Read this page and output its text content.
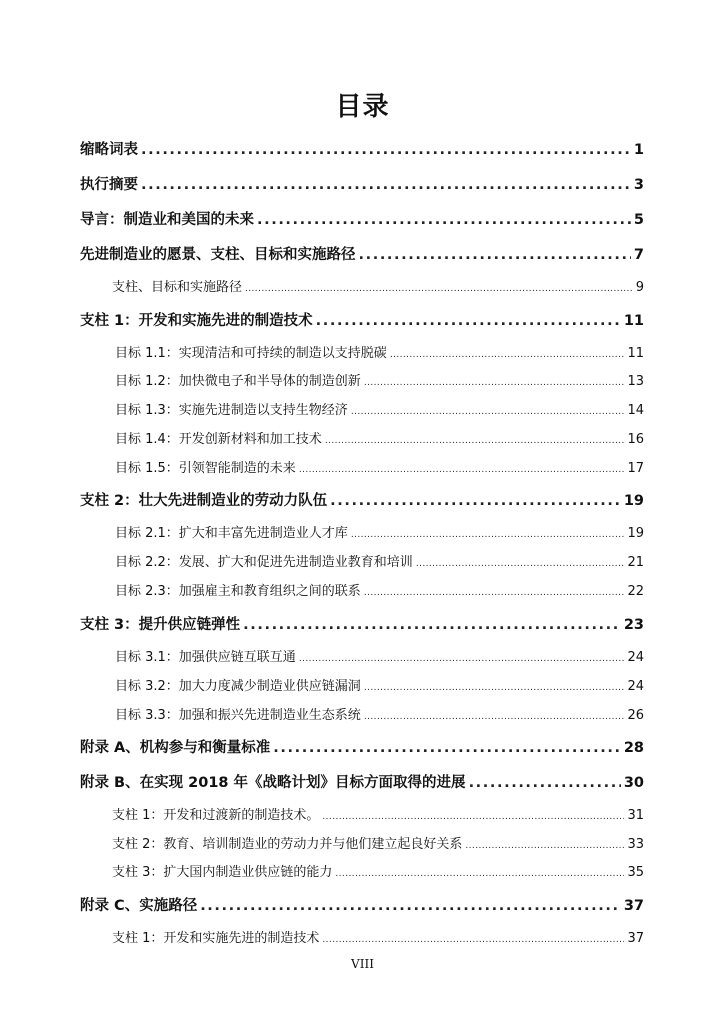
目录
缩略词表 .....	1
执行摘要 .....	3
导言：制造业和美国的未来 .....	5
先进制造业的愿景、支柱、目标和实施路径 .....	7
支柱、目标和实施路径 .....	9
支柱 1：开发和实施先进的制造技术 .....	11
目标 1.1：实现清洁和可持续的制造以支持脱碳 .....	11
目标 1.2：加快微电子和半导体的制造创新 .....	13
目标 1.3：实施先进制造以支持生物经济 .....	14
目标 1.4：开发创新材料和加工技术 .....	16
目标 1.5：引领智能制造的未来 .....	17
支柱 2：壮大先进制造业的劳动力队伍 .....	19
目标 2.1：扩大和丰富先进制造业人才库 .....	19
目标 2.2：发展、扩大和促进先进制造业教育和培训 .....	21
目标 2.3：加强雇主和教育组织之间的联系 .....	22
支柱 3：提升供应链弹性 .....	23
目标 3.1：加强供应链互联互通 .....	24
目标 3.2：加大力度减少制造业供应链漏洞 .....	24
目标 3.3：加强和振兴先进制造业生态系统 .....	26
附录 A、机构参与和衡量标准 .....	28
附录 B、在实现 2018 年《战略计划》目标方面取得的进展 .....	30
支柱 1：开发和过渡新的制造技术。 .....	31
支柱 2：教育、培训制造业的劳动力并与他们建立起良好关系 .....	33
支柱 3：扩大国内制造业供应链的能力 .....	35
附录 C、实施路径 .....	37
支柱 1：开发和实施先进的制造技术 .....	37
VIII
